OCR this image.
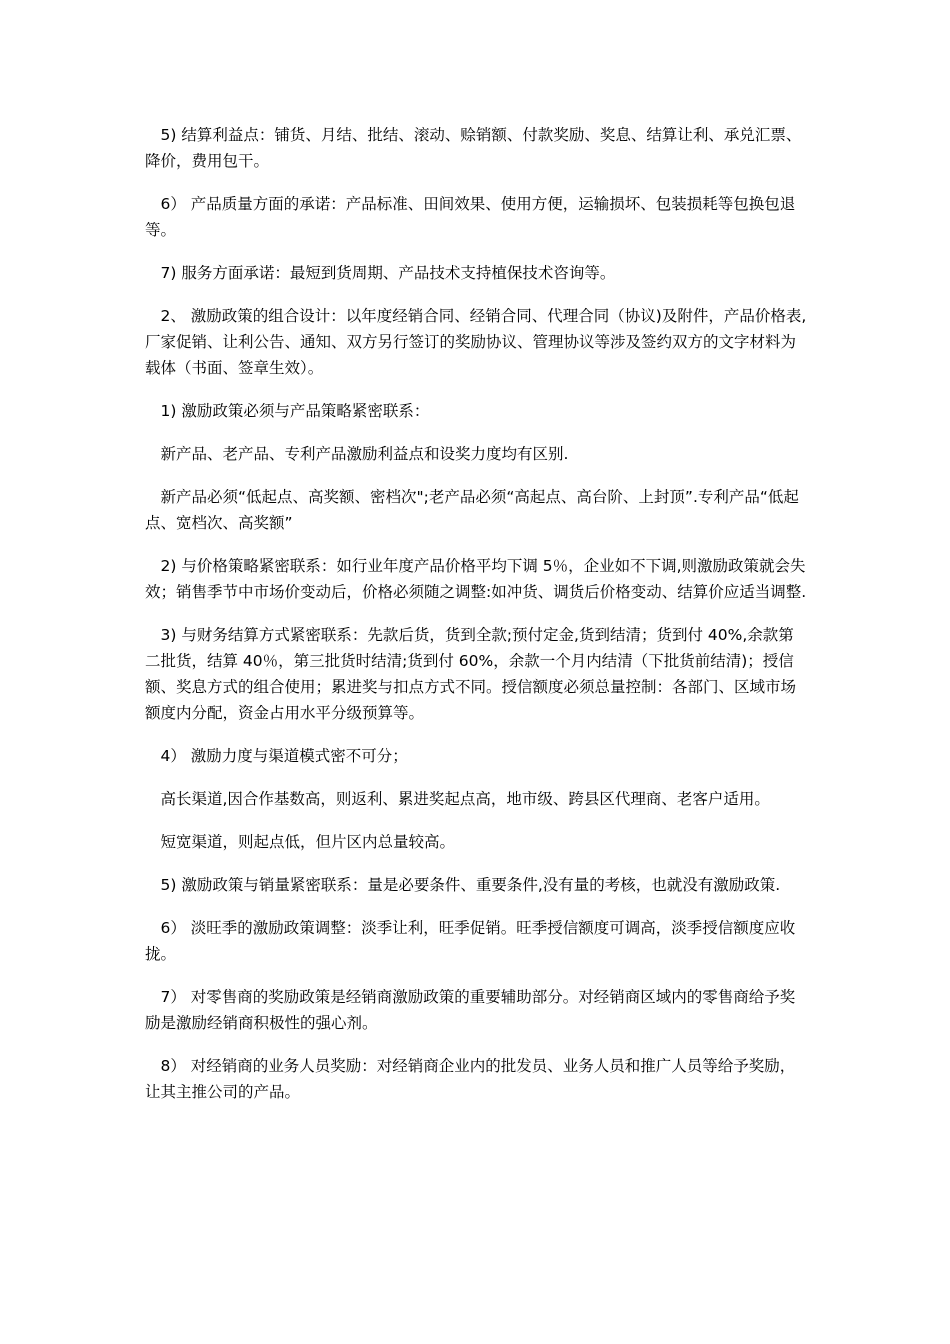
5) 结算利益点：铺货、月结、批结、滚动、赊销额、付款奖励、奖息、结算让利、承兑汇票、降价，费用包干。

6） 产品质量方面的承诺：产品标准、田间效果、使用方便，运输损坏、包装损耗等包换包退等。

7) 服务方面承诺：最短到货周期、产品技术支持植保技术咨询等。

2、 激励政策的组合设计：以年度经销合同、经销合同、代理合同（协议)及附件，产品价格表,厂家促销、让利公告、通知、双方另行签订的奖励协议、管理协议等涉及签约双方的文字材料为载体（书面、签章生效）。

1) 激励政策必须与产品策略紧密联系：

新产品、老产品、专利产品激励利益点和设奖力度均有区别.

新产品必须“低起点、高奖额、密档次";老产品必须“高起点、高台阶、上封顶”.专利产品“低起点、宽档次、高奖额”

2) 与价格策略紧密联系：如行业年度产品价格平均下调 5％，企业如不下调,则激励政策就会失效；销售季节中市场价变动后，价格必须随之调整:如冲货、调货后价格变动、结算价应适当调整.

3) 与财务结算方式紧密联系：先款后货，货到全款;预付定金,货到结清；货到付 40%,余款第二批货，结算 40％，第三批货时结清;货到付 60%，余款一个月内结清（下批货前结清)；授信额、奖息方式的组合使用；累进奖与扣点方式不同。授信额度必须总量控制：各部门、区域市场额度内分配，资金占用水平分级预算等。

4） 激励力度与渠道模式密不可分；

高长渠道,因合作基数高，则返利、累进奖起点高，地市级、跨县区代理商、老客户适用。

短宽渠道，则起点低，但片区内总量较高。

5) 激励政策与销量紧密联系：量是必要条件、重要条件,没有量的考核，也就没有激励政策.

6） 淡旺季的激励政策调整：淡季让利，旺季促销。旺季授信额度可调高，淡季授信额度应收拢。

7） 对零售商的奖励政策是经销商激励政策的重要辅助部分。对经销商区域内的零售商给予奖励是激励经销商积极性的强心剂。

8） 对经销商的业务人员奖励：对经销商企业内的批发员、业务人员和推广人员等给予奖励，让其主推公司的产品。
